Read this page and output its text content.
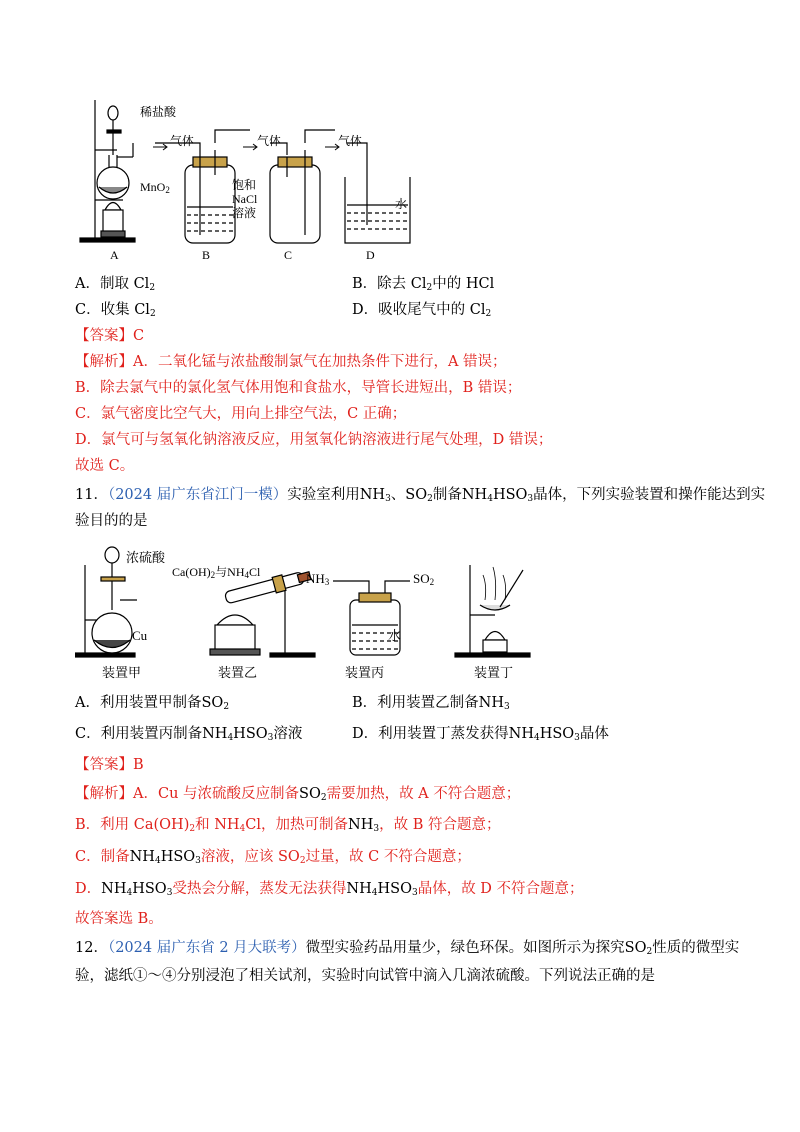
稀盐酸
MnO$_2$
气体	气体	气体
饱和
NaCl
溶液
水
A	B	C	D
A．制取 $Cl_2$	B．除去 $Cl_2$中的 HCl
C．收集 $Cl_2$	D．吸收尾气中的 $Cl_2$
【答案】C
【解析】A．二氧化锰与浓盐酸制氯气在加热条件下进行，A 错误；
B．除去氯气中的氯化氢气体用饱和食盐水，导管长进短出，B 错误；
C．氯气密度比空气大，用向上排空气法，C 正确；
D．氯气可与氢氧化钠溶液反应，用氢氧化钠溶液进行尾气处理，D 错误；
故选 C。
11．（2024 届广东省江门一模）实验室利用$NH_3$、$SO_2$制备$NH_4HSO_3$晶体，下列实验装置和操作能达到实
验目的的是
浓硫酸
Cu
$Ca(OH)_2$与$NH_4Cl$	$NH_3$	$SO_2$
水
装置甲	装置乙	装置丙	装置丁
A．利用装置甲制备$SO_2$	B．利用装置乙制备$NH_3$
C．利用装置丙制备$NH_4HSO_3$溶液	D．利用装置丁蒸发获得$NH_4HSO_3$晶体
【答案】B
【解析】A．Cu 与浓硫酸反应制备$SO_2$需要加热，故 A 不符合题意；
B．利用 $Ca(OH)_2$和 $NH_4Cl$，加热可制备$NH_3$，故 B 符合题意；
C．制备$NH_4HSO_3$溶液，应该 $SO_2$过量，故 C 不符合题意；
D．$NH_4HSO_3$受热会分解，蒸发无法获得$NH_4HSO_3$晶体，故 D 不符合题意；
故答案选 B。
12．（2024 届广东省 2 月大联考）微型实验药品用量少，绿色环保。如图所示为探究$SO_2$性质的微型实
验，滤纸①～④分别浸泡了相关试剂，实验时向试管中滴入几滴浓硫酸。下列说法正确的是
